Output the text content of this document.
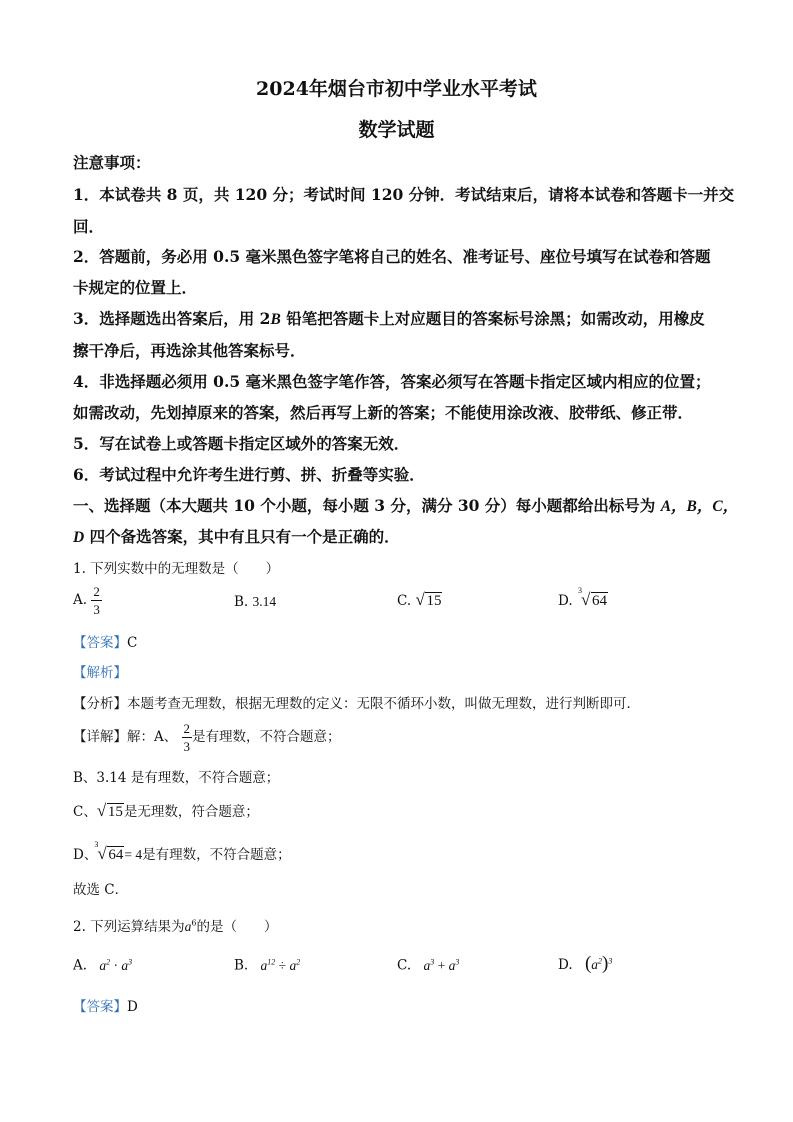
2024年烟台市初中学业水平考试
数学试题
注意事项：
1．本试卷共 8 页，共 120 分；考试时间 120 分钟．考试结束后，请将本试卷和答题卡一并交
回．
2．答题前，务必用 0.5 毫米黑色签字笔将自己的姓名、准考证号、座位号填写在试卷和答题
卡规定的位置上．
3．选择题选出答案后，用 2B 铅笔把答题卡上对应题目的答案标号涂黑；如需改动，用橡皮
擦干净后，再选涂其他答案标号．
4．非选择题必须用 0.5 毫米黑色签字笔作答，答案必须写在答题卡指定区域内相应的位置；
如需改动，先划掉原来的答案，然后再写上新的答案；不能使用涂改液、胶带纸、修正带．
5．写在试卷上或答题卡指定区域外的答案无效．
6．考试过程中允许考生进行剪、拼、折叠等实验．
一、选择题（本大题共 10 个小题，每小题 3 分，满分 30 分）每小题都给出标号为 A，B，C，
D 四个备选答案，其中有且只有一个是正确的．
1. 下列实数中的无理数是（　　）
A. $\frac{2}{3}$	B. 3.14	C. √ 15	D.
3 √ 64
【答案】C
【解析】
【分析】本题考查无理数，根据无理数的定义：无限不循环小数，叫做无理数，进行判断即可．
【详解】解：A、 $\frac{2}{3}$ 是有理数，不符合题意；
B、3.14 是有理数，不符合题意；
C、 √ 15是无理数，符合题意；
D、
3 √ 64= 4是有理数，不符合题意；
故选 C．
2. 下列运算结果为$a^6$的是（　　）
A. $a^2 \cdot a^3$	B. $a^{12} \div a^2$	C. $a^3 + a^3$	D. $(a^2)^3$
【答案】D
